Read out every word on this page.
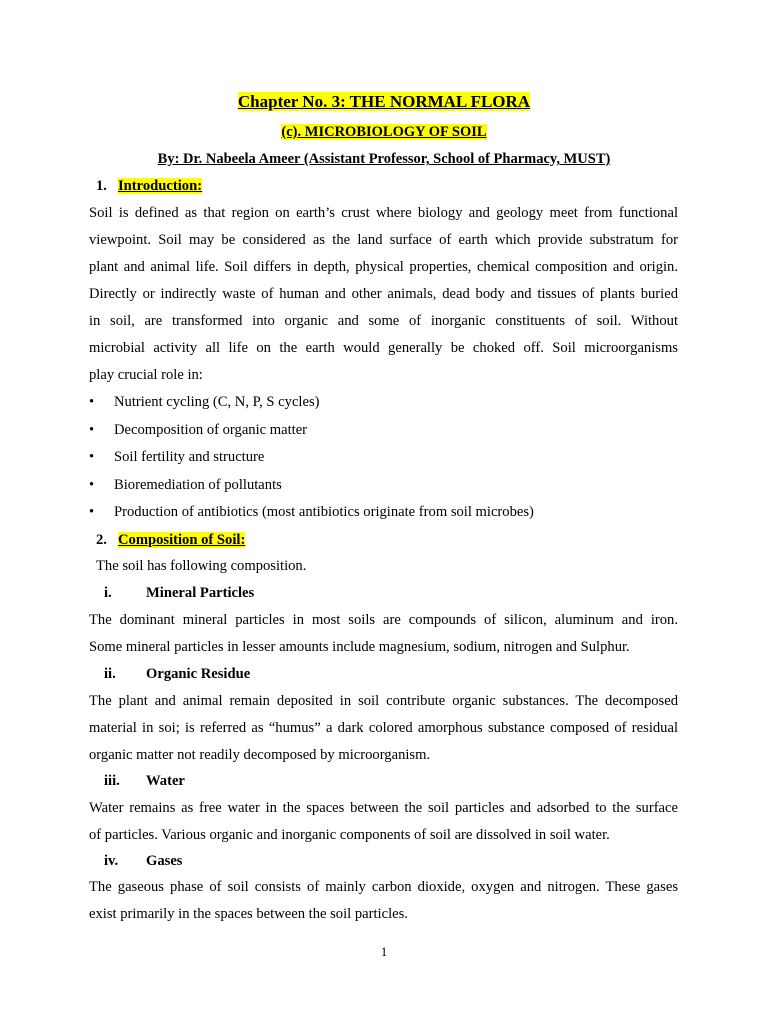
Chapter No. 3: THE NORMAL FLORA
(c). MICROBIOLOGY OF SOIL
By: Dr. Nabeela Ameer (Assistant Professor, School of Pharmacy, MUST)
1. Introduction:
Soil is defined as that region on earth’s crust where biology and geology meet from functional
viewpoint. Soil may be considered as the land surface of earth which provide substratum for
plant and animal life. Soil differs in depth, physical properties, chemical composition and origin.
Directly or indirectly waste of human and other animals, dead body and tissues of plants buried
in soil, are transformed into organic and some of inorganic constituents of soil. Without
microbial activity all life on the earth would generally be choked off. Soil microorganisms
play crucial role in:
• Nutrient cycling (C, N, P, S cycles)
• Decomposition of organic matter
• Soil fertility and structure
• Bioremediation of pollutants
• Production of antibiotics (most antibiotics originate from soil microbes)
2. Composition of Soil:
The soil has following composition.
i. Mineral Particles
The dominant mineral particles in most soils are compounds of silicon, aluminum and iron.
Some mineral particles in lesser amounts include magnesium, sodium, nitrogen and Sulphur.
ii. Organic Residue
The plant and animal remain deposited in soil contribute organic substances. The decomposed
material in soi; is referred as “humus” a dark colored amorphous substance composed of residual
organic matter not readily decomposed by microorganism.
iii. Water
Water remains as free water in the spaces between the soil particles and adsorbed to the surface
of particles. Various organic and inorganic components of soil are dissolved in soil water.
iv. Gases
The gaseous phase of soil consists of mainly carbon dioxide, oxygen and nitrogen. These gases
exist primarily in the spaces between the soil particles.
1
